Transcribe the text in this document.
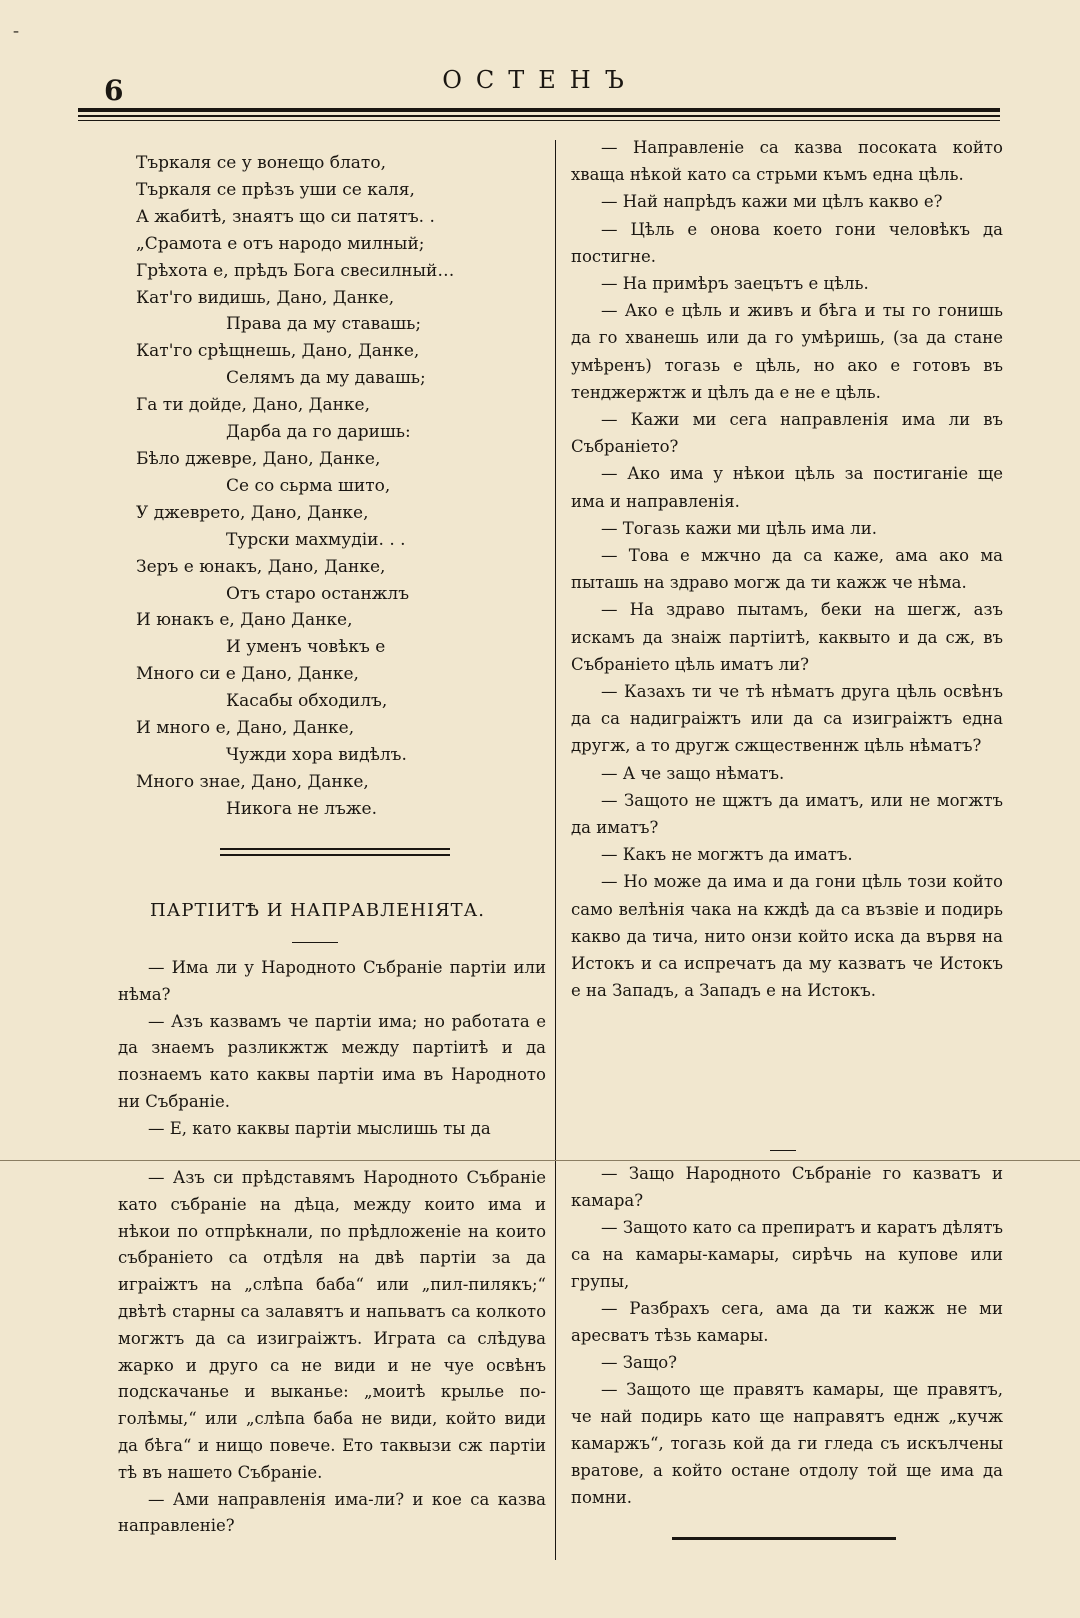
ˉ
6	ОСТЕНЪ
Търкаля се у вонещо блато,
Търкаля се прѣзъ уши се каля,
А жабитѣ, знаятъ що си патятъ. .
„Срамота е отъ народо милный;
Грѣхота е, прѣдъ Бога свесилный…
Кат'го видишь, Дано, Данке,
Права да му ставашь;
Кат'го срѣщнешь, Дано, Данке,
Селямъ да му давашь;
Га ти дойде, Дано, Данке,
Дарба да го даришь:
Бѣло джевре, Дано, Данке,
Се со сьрма шито,
У джеврето, Дано, Данке,
Турски махмудіи. . .
Зеръ е юнакъ, Дано, Данке,
Отъ старо останжлъ
И юнакъ е, Дано Данке,
И уменъ човѣкъ е
Много си е Дано, Данке,
Касабы обходилъ,
И много е, Дано, Данке,
Чужди хора видѣлъ.
Много знае, Дано, Данке,
Никога не лъже.
ПАРТІИТѢ И НАПРАВЛЕНІЯТА.

— Има ли у Народното Събраніе партіи или нѣма?

— Азъ казвамъ че партіи има; но работата е да знаемъ разликжтж между партіитѣ и да познаемъ като каквы партіи има въ Народното ни Събраніе.

— Е, като каквы партіи мыслишь ты да

— Азъ си прѣдставямъ Народното Събраніе като събраніе на дѣца, между които има и нѣкои по отпрѣкнали, по прѣдложеніе на които събраніето са отдѣля на двѣ партіи за да играіжтъ на „слѣпа баба“ или „пил-пилякъ;“ двѣтѣ старны са залавятъ и напьватъ са колкото могжтъ да са изиграіжтъ. Играта са слѣдува жарко и друго са не види и не чуе освѣнъ подскачанье и выканье: „моитѣ крылье по-голѣмы,“ или „слѣпа баба не види, който види да бѣга“ и нищо повече. Ето таквызи сж партіи тѣ въ нашето Събраніе.

— Ами направленія има-ли? и кое са казва направленіе?

— Направленіе са казва посоката който хваща нѣкой като са стрьми къмъ една цѣль.

— Най напрѣдъ кажи ми цѣлъ какво е?

— Цѣль е онова което гони человѣкъ да постигне.

— На примѣръ заецътъ е цѣль.

— Ако е цѣль и живъ и бѣга и ты го гонишь да го хванешь или да го умѣришь, (за да стане умѣренъ) тогазь е цѣль, но ако е готовъ въ тенджержтж и цѣлъ да е не е цѣль.

— Кажи ми сега направленія има ли въ Събраніето?

— Ако има у нѣкои цѣль за постиганіе ще има и направленія.

— Тогазь кажи ми цѣль има ли.

— Това е мжчно да са каже, ама ако ма пыташь на здраво могж да ти кажж че нѣма.

— На здраво пытамъ, беки на шегж, азъ искамъ да знаіж партіитѣ, каквыто и да сж, въ Събраніето цѣль иматъ ли?

— Казахъ ти че тѣ нѣматъ друга цѣль освѣнъ да са надиграіжтъ или да са изиграіжтъ една другж, а то другж сжщественнж цѣль нѣматъ?

— А че защо нѣматъ.

— Защото не щжтъ да иматъ, или не могжтъ да иматъ?

— Какъ не могжтъ да иматъ.

— Но може да има и да гони цѣль този който само велѣнія чака на кждѣ да са възвіе и подирь какво да тича, нито онзи който иска да вървя на Истокъ и са испречатъ да му казватъ че Истокъ е на Западъ, а Западъ е на Истокъ.

— Защо Народното Събраніе го казватъ и камара?

— Защото като са препиратъ и каратъ дѣлятъ са на камары-камары, сирѣчь на купове или групы,

— Разбрахъ сега, ама да ти кажж не ми аресватъ тѣзь камары.

— Защо?

— Защото ще правятъ камары, ще правятъ, че най подирь като ще направятъ еднж „кучж камаржъ“, тогазь кой да ги гледа съ искълчены вратове, а който остане отдолу той ще има да помни.
